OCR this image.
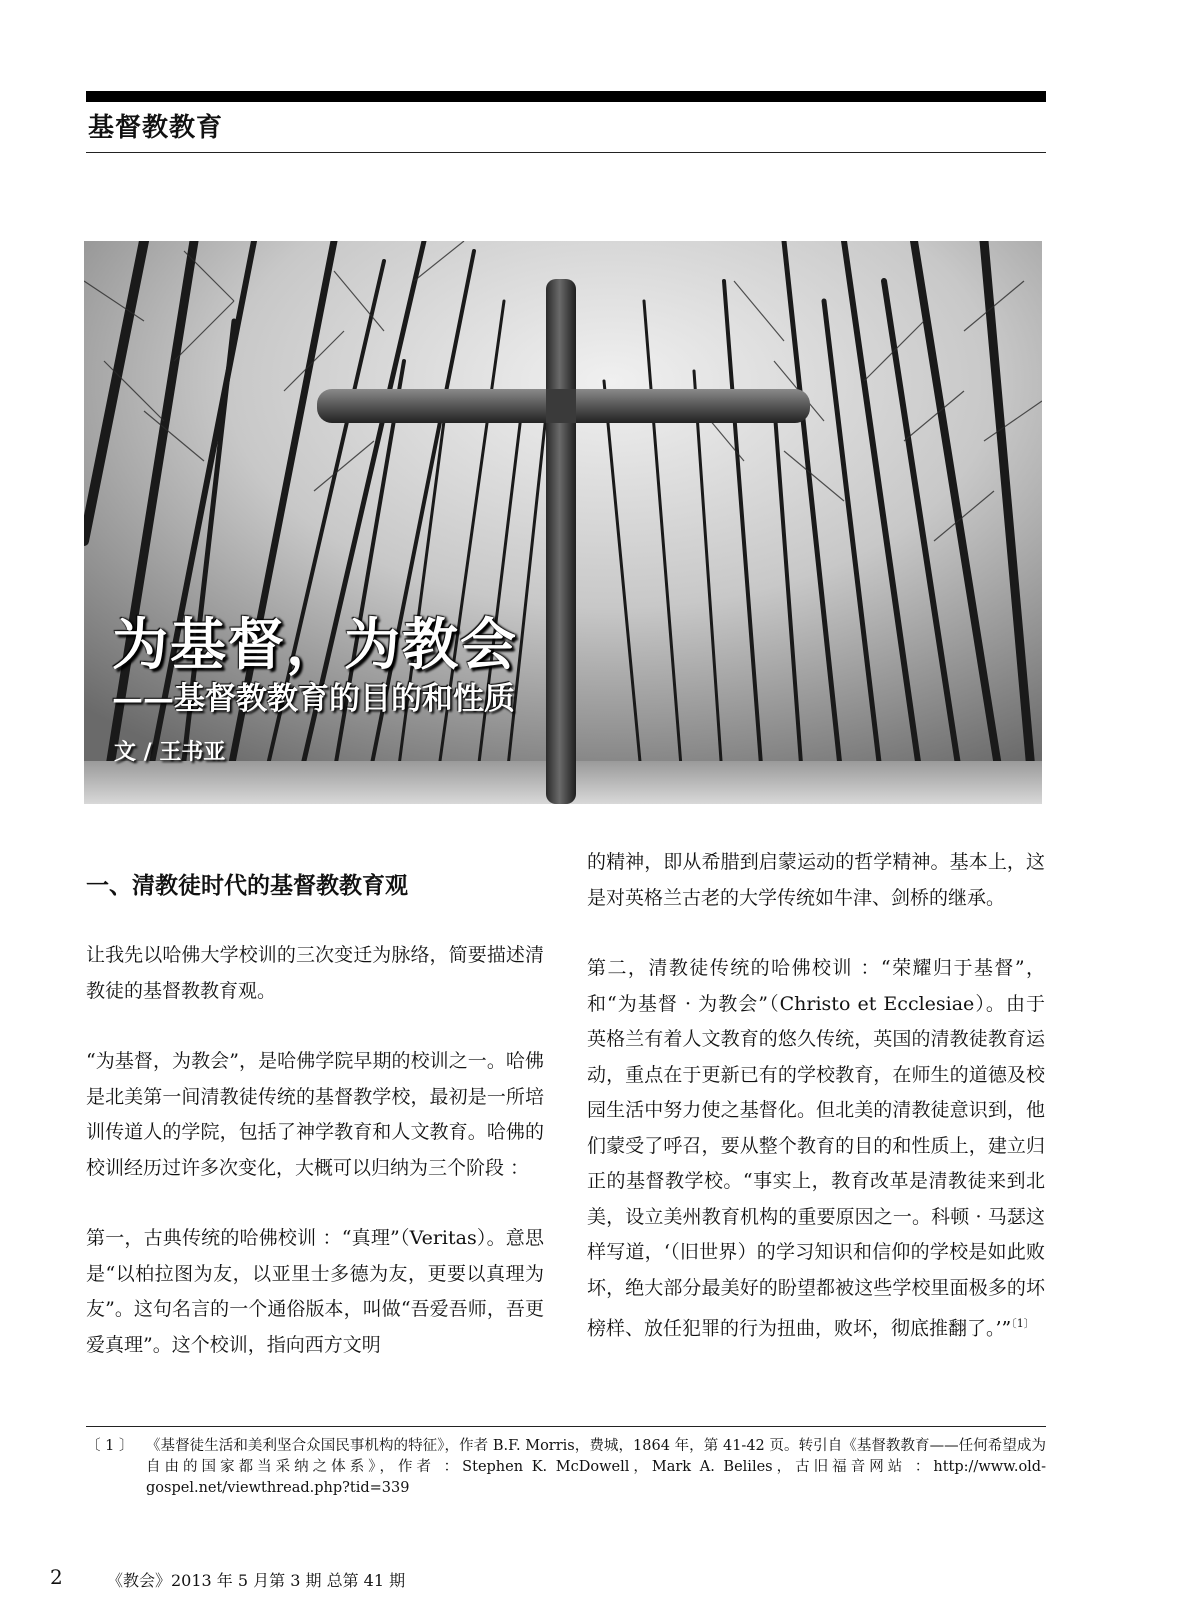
基督教教育
为基督，为教会
——基督教教育的目的和性质
文 / 王书亚
一、清教徒时代的基督教教育观

让我先以哈佛大学校训的三次变迁为脉络，简要描述清教徒的基督教教育观。

“为基督，为教会”，是哈佛学院早期的校训之一。哈佛是北美第一间清教徒传统的基督教学校，最初是一所培训传道人的学院，包括了神学教育和人文教育。哈佛的校训经历过许多次变化，大概可以归纳为三个阶段 ：

第一，古典传统的哈佛校训 ：“真理”（Veritas）。意思是“以柏拉图为友，以亚里士多德为友，更要以真理为友”。这句名言的一个通俗版本，叫做“吾爱吾师，吾更爱真理”。这个校训，指向西方文明

的精神，即从希腊到启蒙运动的哲学精神。基本上，这是对英格兰古老的大学传统如牛津、剑桥的继承。

第二，清教徒传统的哈佛校训 ：“荣耀归于基督”，和“为基督 · 为教会”（Christo et Ecclesiae）。由于英格兰有着人文教育的悠久传统，英国的清教徒教育运动，重点在于更新已有的学校教育，在师生的道德及校园生活中努力使之基督化。但北美的清教徒意识到，他们蒙受了呼召，要从整个教育的目的和性质上，建立归正的基督教学校。“事实上，教育改革是清教徒来到北美，设立美州教育机构的重要原因之一。科顿 · 马瑟这样写道，‘（旧世界）的学习知识和信仰的学校是如此败坏，绝大部分最美好的盼望都被这些学校里面极多的坏榜样、放任犯罪的行为扭曲，败坏，彻底推翻了。’”$^{〔1〕}$

〔 1 〕 《基督徒生活和美利坚合众国民事机构的特征》，作者 B.F. Morris，费城，1864 年，第 41-42 页。转引自《基督教教育——任何希望成为自由的国家都当采纳之体系》，作者 ：Stephen K. McDowell，Mark A. Beliles，古旧福音网站 ：http://www.old-gospel.net/viewthread.php?tid=339
2	《教会》2013 年 5 月第 3 期 总第 41 期
